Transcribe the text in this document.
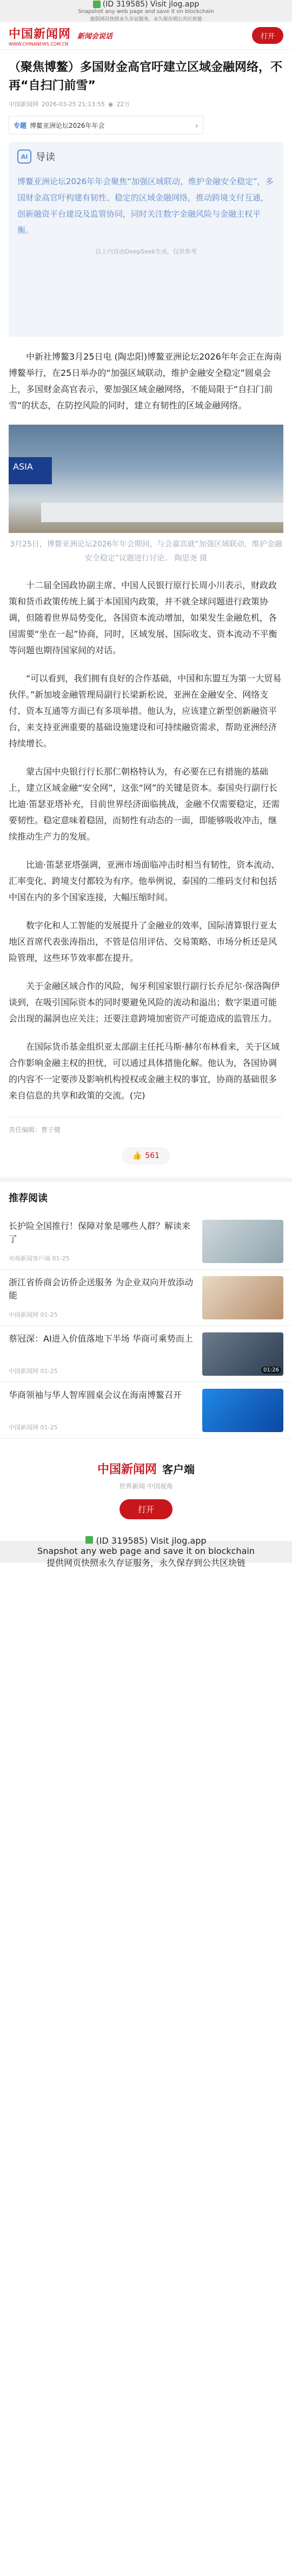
(ID 319585) Visit jlog.app
Snapshot any web page and save it on blockchain
提供网页快照永久存证服务，永久保存到公共区块链
中国新闻网
WWW.CHINANEWS.COM.CN
新闻会说话	打开
（聚焦博鳌）多国财金高官吁建立区域金融网络，不再“自扫门前雪”
中国新闻网 2026-03-25 21:13:55 ◉ 22万
专题 博鳌亚洲论坛2026年年会	›
AI 导读

博鳌亚洲论坛2026年年会聚焦“加强区域联动，维护金融安全稳定”，多国财金高官吁构建有韧性、稳定的区域金融网络，推动跨境支付互通，创新融资平台建设及监管协同，同时关注数字金融风险与金融主权平衡。

以上内容由DeepSeek生成，仅供参考

中新社博鳌3月25日电 (陶忠阳)博鳌亚洲论坛2026年年会正在海南博鳌举行，在25日举办的“加强区域联动，维护金融安全稳定”圆桌会上，多国财金高官表示，要加强区域金融网络，不能局限于“自扫门前雪”的状态，在防控风险的同时，建立有韧性的区域金融网络。

ASIA

3月25日，博鳌亚洲论坛2026年年会期间，与会嘉宾就“加强区域联动，维护金融安全稳定”议题进行讨论。 陶思尧 摄

十二届全国政协副主席、中国人民银行原行长周小川表示，财政政策和货币政策传统上属于本国国内政策，并不就全球问题进行政策协调，但随着世界局势变化，各国资本流动增加，如果发生金融危机，各国需要“坐在一起”协商，同时，区域发展、国际收支、资本流动不平衡等问题也期待国家间的对话。

“可以看到，我们拥有良好的合作基础，中国和东盟互为第一大贸易伙伴。”新加坡金融管理局副行长梁新松说，亚洲在金融安全、网络支付、资本互通等方面已有多项举措。他认为，应该建立新型创新融资平台，来支持亚洲重要的基础设施建设和可持续融资需求，帮助亚洲经济持续增长。

蒙古国中央银行行长那仁朝格特认为，有必要在已有措施的基础上，建立区域金融“安全网”，这张“网”的关键是资本。泰国央行副行长比迪·笛瑟亚塔补充，目前世界经济面临挑战，金融不仅需要稳定，还需要韧性。稳定意味着稳固，而韧性有动态的一面，即能够吸收冲击，继续推动生产力的发展。

比迪·笛瑟亚塔强调，亚洲市场面临冲击时相当有韧性，资本流动、汇率变化、跨境支付都较为有序。他举例说，泰国的二维码支付和包括中国在内的多个国家连接，大幅压缩时间。

数字化和人工智能的发展提升了金融业的效率，国际清算银行亚太地区首席代表张涛指出，不管是信用评估、交易策略、市场分析还是风险管理，这些环节效率都在提升。

关于金融区域合作的风险，匈牙利国家银行副行长乔尼尔·保洛陶伊谈到，在吸引国际资本的同时要避免风险的流动和溢出；数字渠道可能会出现的漏洞也应关注；还要注意跨境加密资产可能造成的监管压力。

在国际货币基金组织亚太部副主任托马斯·赫尔布林看来，关于区域合作影响金融主权的担忧，可以通过具体措施化解。他认为，各国协调的内容不一定要涉及影响机构授权或金融主权的事宜，协商的基础很多来自信息的共享和政策的交流。(完)

责任编辑：曹子健
👍 561
推荐阅读
长护险全国推行！保障对象是哪些人群？解读来了
央视新闻客户端 01-25
浙江省侨商会访侨企送服务 为企业双向开放添动能
中国新闻网 01-25
蔡冠深：AI进入价值落地下半场 华商可乘势而上
中国新闻网 01-25	01:26
华商领袖与华人智库圆桌会议在海南博鳌召开
中国新闻网 01-25
中国新闻网 客户端
世界新闻 中国视角
打开
(ID 319585) Visit jlog.app
Snapshot any web page and save it on blockchain
提供网页快照永久存证服务，永久保存到公共区块链
